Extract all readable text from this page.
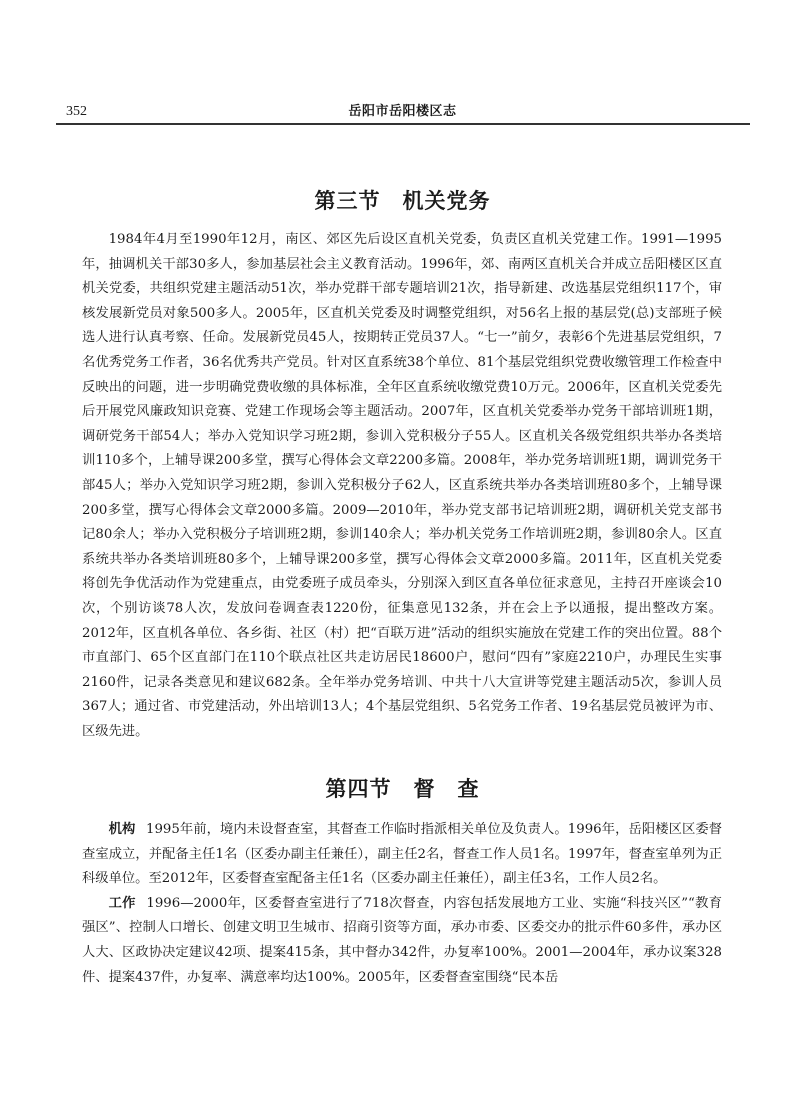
352	岳阳市岳阳楼区志
第三节　机关党务

1984年4月至1990年12月，南区、郊区先后设区直机关党委，负责区直机关党建工作。1991—1995年，抽调机关干部30多人，参加基层社会主义教育活动。1996年，郊、南两区直机关合并成立岳阳楼区区直机关党委，共组织党建主题活动51次，举办党群干部专题培训21次，指导新建、改选基层党组织117个，审核发展新党员对象500多人。2005年，区直机关党委及时调整党组织，对56名上报的基层党(总)支部班子候选人进行认真考察、任命。发展新党员45人，按期转正党员37人。“七一”前夕，表彰6个先进基层党组织，7名优秀党务工作者，36名优秀共产党员。针对区直系统38个单位、81个基层党组织党费收缴管理工作检查中反映出的问题，进一步明确党费收缴的具体标准，全年区直系统收缴党费10万元。2006年，区直机关党委先后开展党风廉政知识竞赛、党建工作现场会等主题活动。2007年，区直机关党委举办党务干部培训班1期，调研党务干部54人；举办入党知识学习班2期，参训入党积极分子55人。区直机关各级党组织共举办各类培训110多个，上辅导课200多堂，撰写心得体会文章2200多篇。2008年，举办党务培训班1期，调训党务干部45人；举办入党知识学习班2期，参训入党积极分子62人，区直系统共举办各类培训班80多个，上辅导课200多堂，撰写心得体会文章2000多篇。2009—2010年，举办党支部书记培训班2期，调研机关党支部书记80余人；举办入党积极分子培训班2期，参训140余人；举办机关党务工作培训班2期，参训80余人。区直系统共举办各类培训班80多个，上辅导课200多堂，撰写心得体会文章2000多篇。2011年，区直机关党委将创先争优活动作为党建重点，由党委班子成员牵头，分别深入到区直各单位征求意见，主持召开座谈会10次，个别访谈78人次，发放问卷调查表1220份，征集意见132条，并在会上予以通报，提出整改方案。2012年，区直机各单位、各乡街、社区（村）把“百联万进”活动的组织实施放在党建工作的突出位置。88个市直部门、65个区直部门在110个联点社区共走访居民18600户，慰问“四有”家庭2210户，办理民生实事2160件，记录各类意见和建议682条。全年举办党务培训、中共十八大宣讲等党建主题活动5次，参训人员367人；通过省、市党建活动，外出培训13人；4个基层党组织、5名党务工作者、19名基层党员被评为市、区级先进。

第四节　督　查

机构 1995年前，境内未设督查室，其督查工作临时指派相关单位及负责人。1996年，岳阳楼区区委督查室成立，并配备主任1名（区委办副主任兼任），副主任2名，督查工作人员1名。1997年，督查室单列为正科级单位。至2012年，区委督查室配备主任1名（区委办副主任兼任），副主任3名，工作人员2名。

工作 1996—2000年，区委督查室进行了718次督查，内容包括发展地方工业、实施“科技兴区”“教育强区”、控制人口增长、创建文明卫生城市、招商引资等方面，承办市委、区委交办的批示件60多件，承办区人大、区政协决定建议42项、提案415条，其中督办342件，办复率100%。2001—2004年，承办议案328件、提案437件，办复率、满意率均达100%。2005年，区委督查室围绕“民本岳
